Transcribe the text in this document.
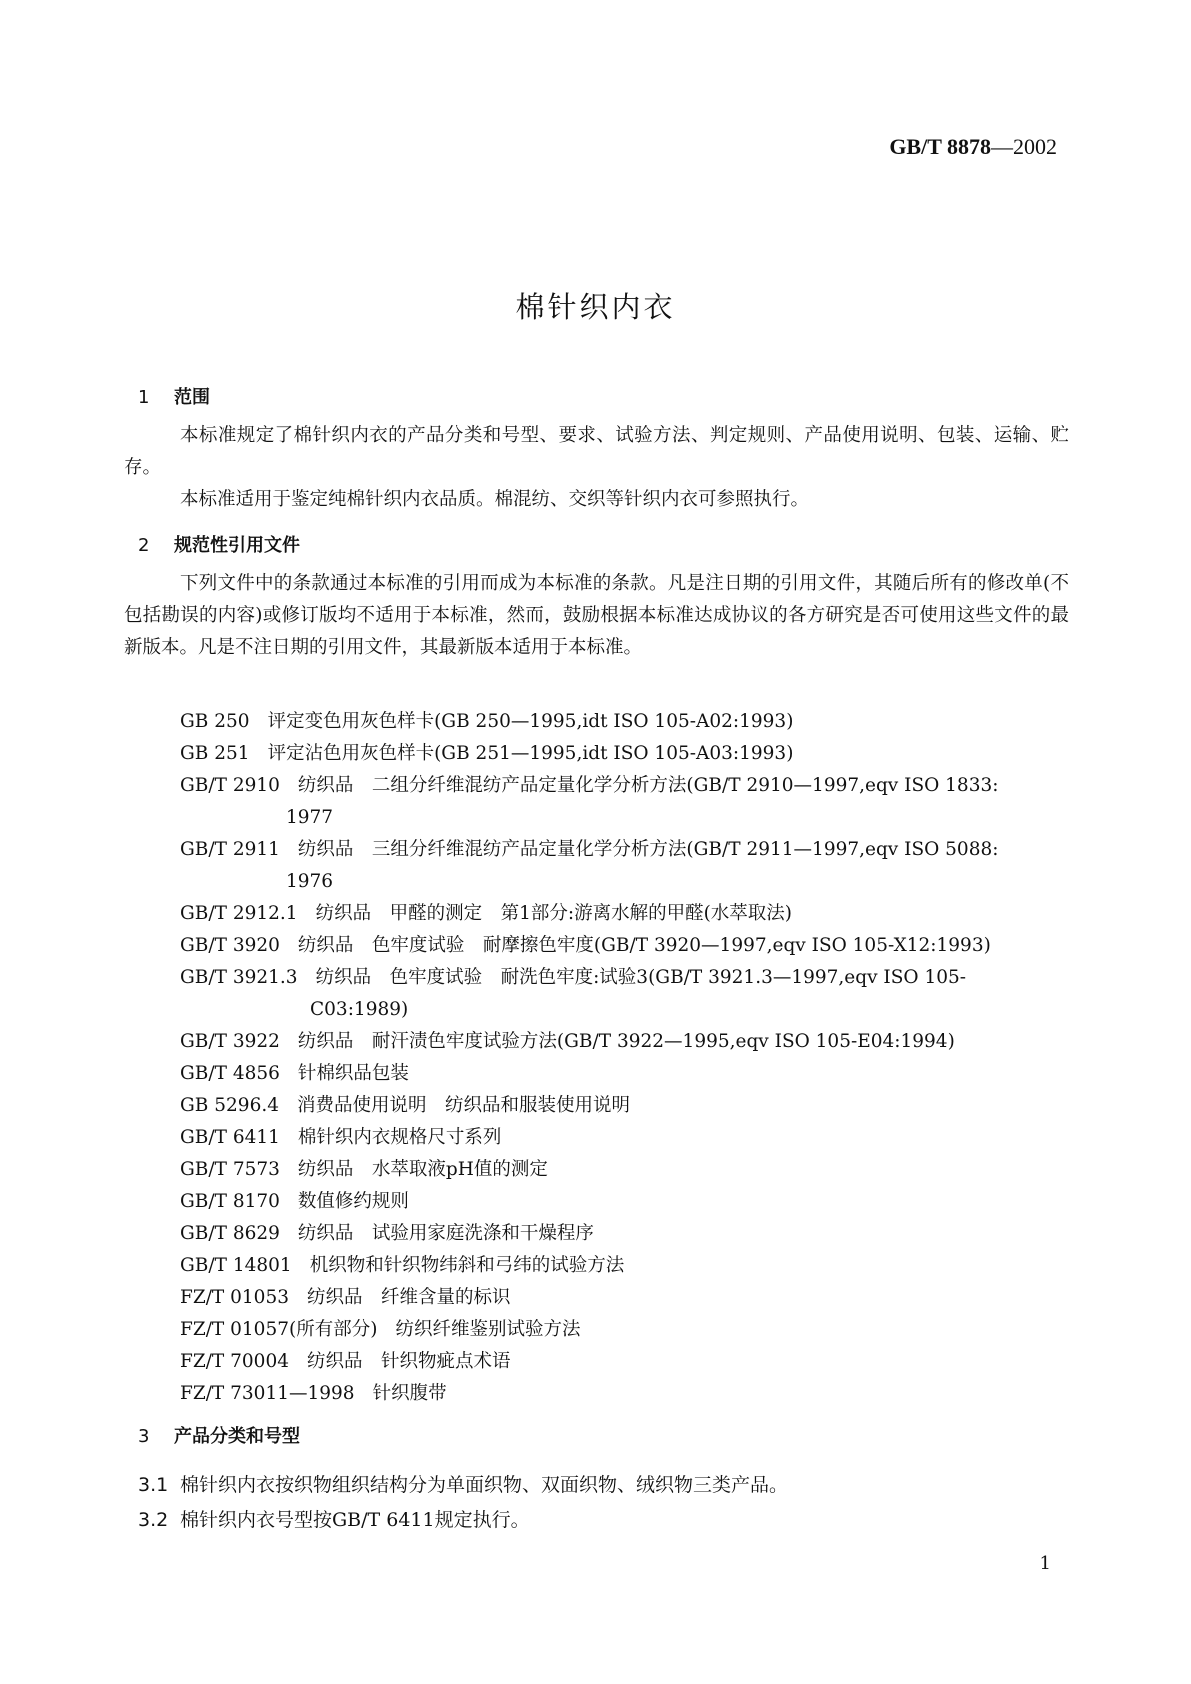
GB/T 8878—2002
棉针织内衣
1 范围
本标准规定了棉针织内衣的产品分类和号型、要求、试验方法、判定规则、产品使用说明、包装、运输、贮存。
本标准适用于鉴定纯棉针织内衣品质。棉混纺、交织等针织内衣可参照执行。
2 规范性引用文件
下列文件中的条款通过本标准的引用而成为本标准的条款。凡是注日期的引用文件，其随后所有的修改单(不包括勘误的内容)或修订版均不适用于本标准，然而，鼓励根据本标准达成协议的各方研究是否可使用这些文件的最新版本。凡是不注日期的引用文件，其最新版本适用于本标准。
GB 250 评定变色用灰色样卡(GB 250—1995,idt ISO 105-A02:1993)
GB 251 评定沾色用灰色样卡(GB 251—1995,idt ISO 105-A03:1993)
GB/T 2910 纺织品　二组分纤维混纺产品定量化学分析方法(GB/T 2910—1997,eqv ISO 1833:
1977
GB/T 2911 纺织品　三组分纤维混纺产品定量化学分析方法(GB/T 2911—1997,eqv ISO 5088:
1976
GB/T 2912.1 纺织品　甲醛的测定　第1部分:游离水解的甲醛(水萃取法)
GB/T 3920 纺织品　色牢度试验　耐摩擦色牢度(GB/T 3920—1997,eqv ISO 105-X12:1993)
GB/T 3921.3 纺织品　色牢度试验　耐洗色牢度:试验3(GB/T 3921.3—1997,eqv ISO 105-
C03:1989)
GB/T 3922 纺织品　耐汗渍色牢度试验方法(GB/T 3922—1995,eqv ISO 105-E04:1994)
GB/T 4856 针棉织品包装
GB 5296.4 消费品使用说明　纺织品和服装使用说明
GB/T 6411 棉针织内衣规格尺寸系列
GB/T 7573 纺织品　水萃取液pH值的测定
GB/T 8170 数值修约规则
GB/T 8629 纺织品　试验用家庭洗涤和干燥程序
GB/T 14801 机织物和针织物纬斜和弓纬的试验方法
FZ/T 01053 纺织品　纤维含量的标识
FZ/T 01057(所有部分) 纺织纤维鉴别试验方法
FZ/T 70004 纺织品　针织物疵点术语
FZ/T 73011—1998 针织腹带
3 产品分类和号型
3.1 棉针织内衣按织物组织结构分为单面织物、双面织物、绒织物三类产品。
3.2 棉针织内衣号型按GB/T 6411规定执行。
1
